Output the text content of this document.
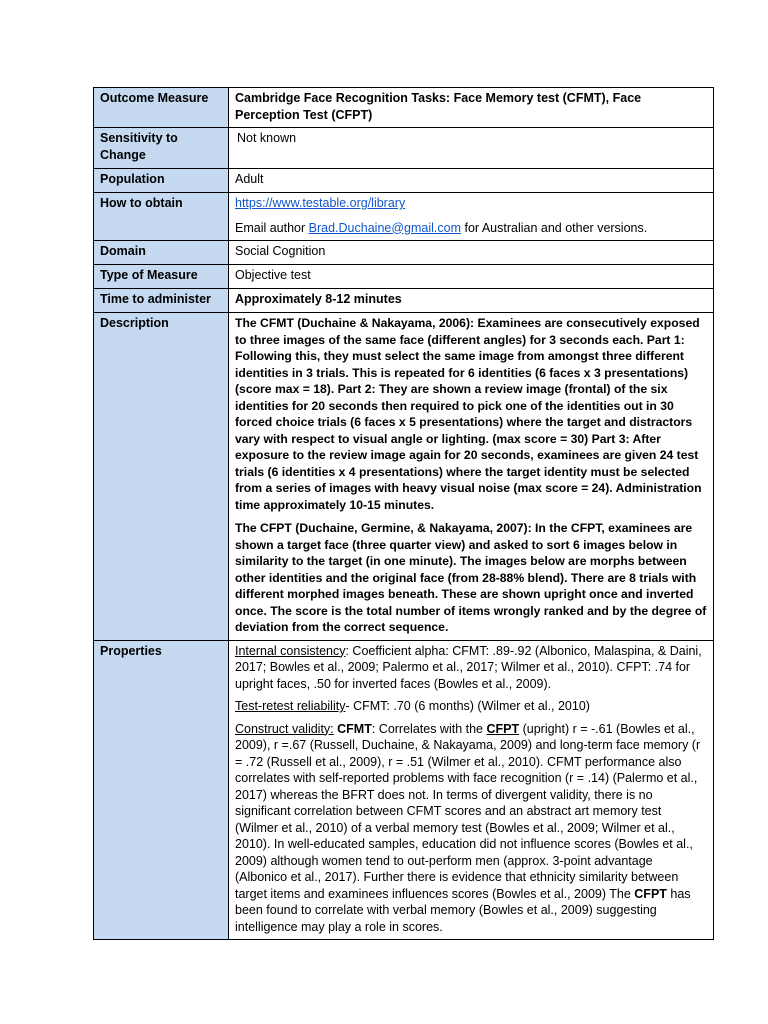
Outcome Measure	Cambridge Face Recognition Tasks: Face Memory test (CFMT), Face Perception Test (CFPT)
Sensitivity to Change	Not known
Population	Adult
How to obtain	https://www.testable.org/library
Email author Brad.Duchaine@gmail.com for Australian and other versions.

Domain	Social Cognition
Type of Measure	Objective test
Time to administer	Approximately 8-12 minutes
Description	The CFMT (Duchaine & Nakayama, 2006): Examinees are consecutively exposed to three images of the same face (different angles) for 3 seconds each. Part 1: Following this, they must select the same image from amongst three different identities in 3 trials. This is repeated for 6 identities (6 faces x 3 presentations) (score max = 18). Part 2: They are shown a review image (frontal) of the six identities for 20 seconds then required to pick one of the identities out in 30 forced choice trials (6 faces x 5 presentations) where the target and distractors vary with respect to visual angle or lighting. (max score = 30) Part 3: After exposure to the review image again for 20 seconds, examinees are given 24 test trials (6 identities x 4 presentations) where the target identity must be selected from a series of images with heavy visual noise (max score = 24). Administration time approximately 10-15 minutes.
The CFPT (Duchaine, Germine, & Nakayama, 2007): In the CFPT, examinees are shown a target face (three quarter view) and asked to sort 6 images below in similarity to the target (in one minute). The images below are morphs between other identities and the original face (from 28-88% blend). There are 8 trials with different morphed images beneath. These are shown upright once and inverted once. The score is the total number of items wrongly ranked and by the degree of deviation from the correct sequence.

Properties	Internal consistency: Coefficient alpha: CFMT: .89-.92 (Albonico, Malaspina, & Daini, 2017; Bowles et al., 2009; Palermo et al., 2017; Wilmer et al., 2010). CFPT: .74 for upright faces, .50 for inverted faces (Bowles et al., 2009).
Test-retest reliability- CFMT: .70 (6 months) (Wilmer et al., 2010)
Construct validity: CFMT: Correlates with the CFPT (upright) r = -.61 (Bowles et al., 2009), r =.67 (Russell, Duchaine, & Nakayama, 2009) and long-term face memory (r = .72 (Russell et al., 2009), r = .51 (Wilmer et al., 2010). CFMT performance also correlates with self-reported problems with face recognition (r = .14) (Palermo et al., 2017) whereas the BFRT does not. In terms of divergent validity, there is no significant correlation between CFMT scores and an abstract art memory test (Wilmer et al., 2010) of a verbal memory test (Bowles et al., 2009; Wilmer et al., 2010). In well-educated samples, education did not influence scores (Bowles et al., 2009) although women tend to out-perform men (approx. 3-point advantage (Albonico et al., 2017). Further there is evidence that ethnicity similarity between target items and examinees influences scores (Bowles et al., 2009) The CFPT has been found to correlate with verbal memory (Bowles et al., 2009) suggesting intelligence may play a role in scores.
